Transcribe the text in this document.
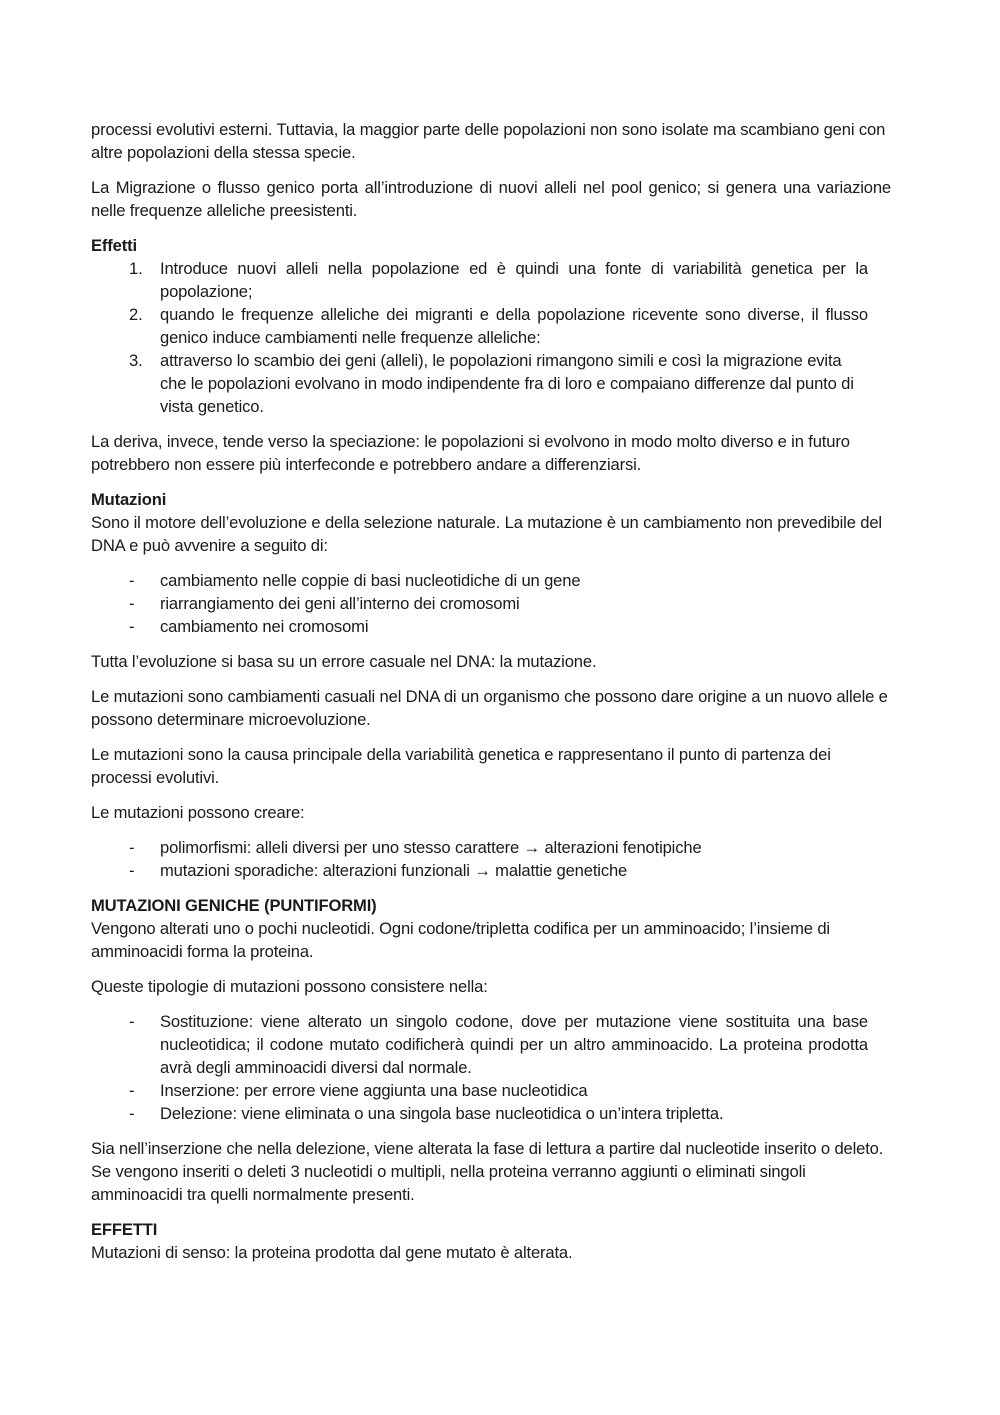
processi evolutivi esterni. Tuttavia, la maggior parte delle popolazioni non sono isolate ma scambiano geni con altre popolazioni della stessa specie.

La Migrazione o flusso genico porta all’introduzione di nuovi alleli nel pool genico; si genera una variazione nelle frequenze alleliche preesistenti.

Effetti
1. Introduce nuovi alleli nella popolazione ed è quindi una fonte di variabilità genetica per la popolazione;
2. quando le frequenze alleliche dei migranti e della popolazione ricevente sono diverse, il flusso genico induce cambiamenti nelle frequenze alleliche:
3. attraverso lo scambio dei geni (alleli), le popolazioni rimangono simili e così la migrazione evita che le popolazioni evolvano in modo indipendente fra di loro e compaiano differenze dal punto di vista genetico.

La deriva, invece, tende verso la speciazione: le popolazioni si evolvono in modo molto diverso e in futuro potrebbero non essere più interfeconde e potrebbero andare a differenziarsi.

Mutazioni

Sono il motore dell’evoluzione e della selezione naturale. La mutazione è un cambiamento non prevedibile del DNA e può avvenire a seguito di:

- cambiamento nelle coppie di basi nucleotidiche di un gene
- riarrangiamento dei geni all’interno dei cromosomi
- cambiamento nei cromosomi

Tutta l’evoluzione si basa su un errore casuale nel DNA: la mutazione.

Le mutazioni sono cambiamenti casuali nel DNA di un organismo che possono dare origine a un nuovo allele e possono determinare microevoluzione.

Le mutazioni sono la causa principale della variabilità genetica e rappresentano il punto di partenza dei processi evolutivi.

Le mutazioni possono creare:

- polimorfismi: alleli diversi per uno stesso carattere → alterazioni fenotipiche
- mutazioni sporadiche: alterazioni funzionali → malattie genetiche
MUTAZIONI GENICHE (PUNTIFORMI)

Vengono alterati uno o pochi nucleotidi. Ogni codone/tripletta codifica per un amminoacido; l’insieme di amminoacidi forma la proteina.

Queste tipologie di mutazioni possono consistere nella:

- Sostituzione: viene alterato un singolo codone, dove per mutazione viene sostituita una base nucleotidica; il codone mutato codificherà quindi per un altro amminoacido. La proteina prodotta avrà degli amminoacidi diversi dal normale.
- Inserzione: per errore viene aggiunta una base nucleotidica
- Delezione: viene eliminata o una singola base nucleotidica o un’intera tripletta.

Sia nell’inserzione che nella delezione, viene alterata la fase di lettura a partire dal nucleotide inserito o deleto. Se vengono inseriti o deleti 3 nucleotidi o multipli, nella proteina verranno aggiunti o eliminati singoli amminoacidi tra quelli normalmente presenti.

EFFETTI

Mutazioni di senso: la proteina prodotta dal gene mutato è alterata.
